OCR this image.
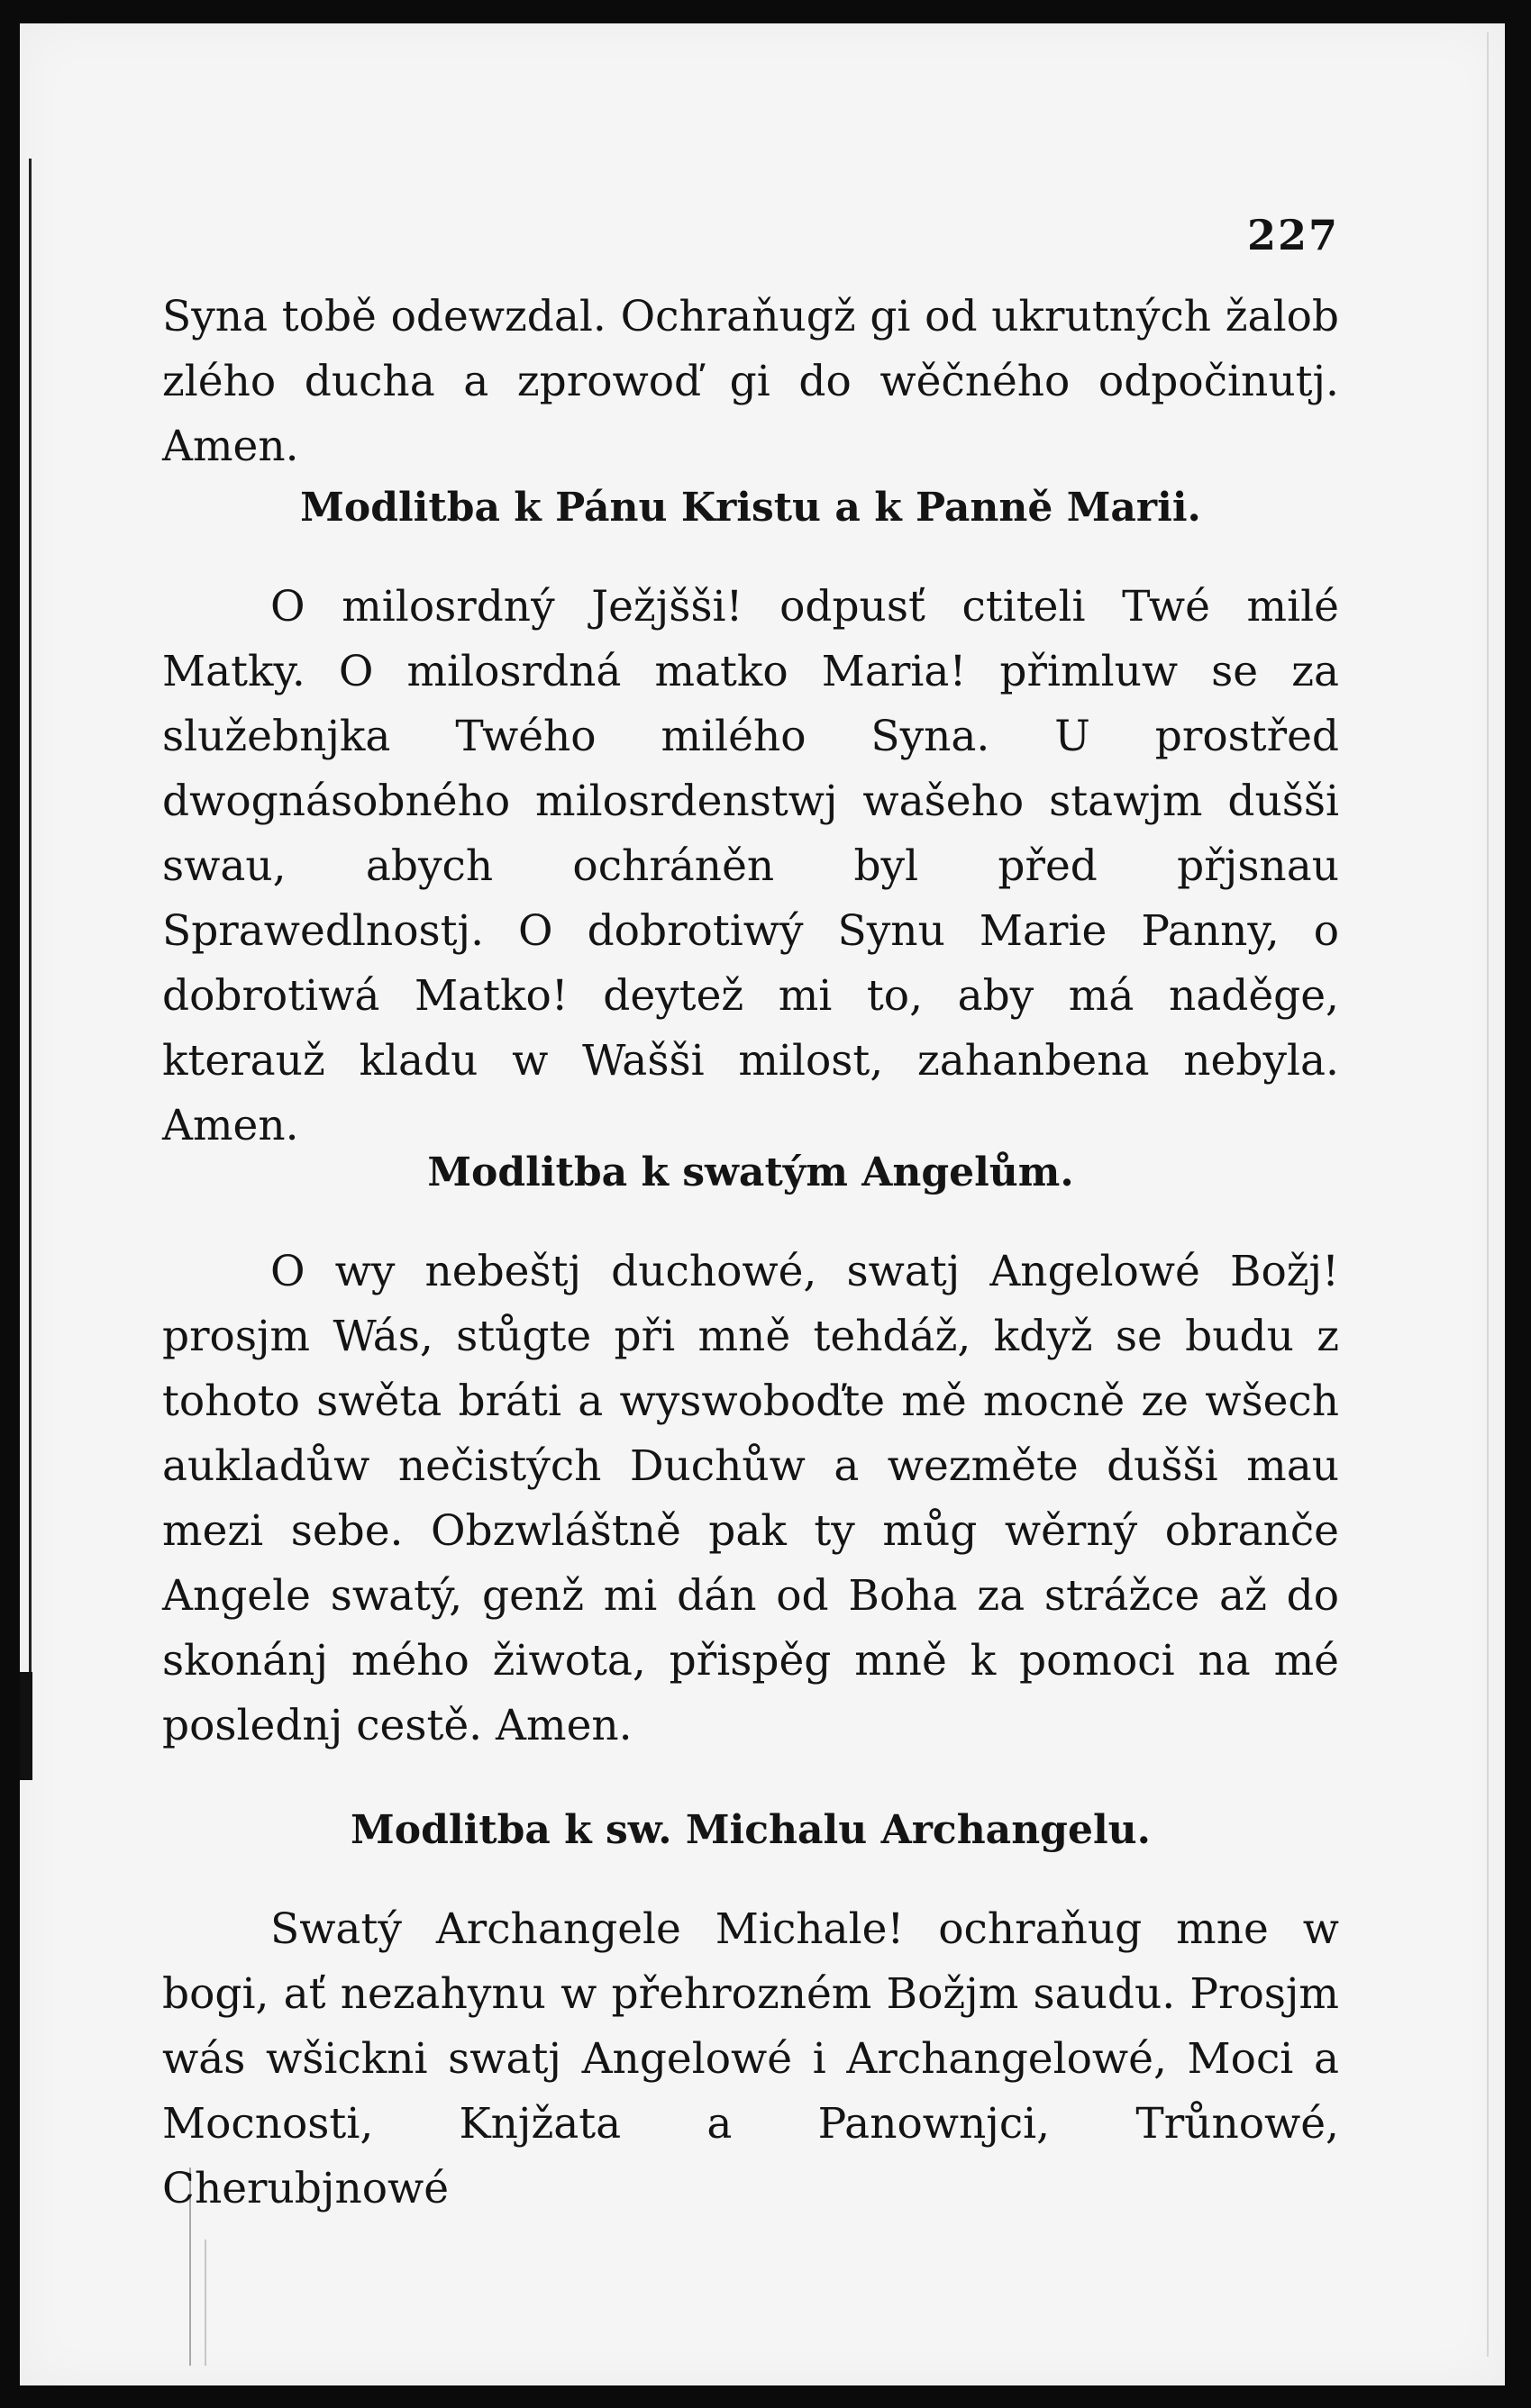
227

Syna tobě odewzdal. Ochraňugž gi od ukrutných žalob zlého ducha a zprowoď gi do wěčného odpočinutj. Amen.

Modlitba k Pánu Kristu a k Panně Marii.

O milosrdný Ježjšši! odpusť ctiteli Twé milé Matky. O milosrdná matko Maria! přimluw se za služebnjka Twého milého Syna. U prostřed dwognásobného milosrdenstwj wašeho stawjm dušši swau, abych ochráněn byl před přjsnau Sprawedlnostj. O dobrotiwý Synu Marie Panny, o dobrotiwá Matko! deytež mi to, aby má naděge, kterauž kladu w Wašši milost, zahanbena nebyla. Amen.

Modlitba k swatým Angelům.

O wy nebeštj duchowé, swatj Angelowé Božj! prosjm Wás, stůgte při mně tehdáž, když se budu z tohoto swěta bráti a wyswoboďte mě mocně ze wšech aukladůw nečistých Duchůw a wezměte dušši mau mezi sebe. Obzwláštně pak ty můg wěrný obranče Angele swatý, genž mi dán od Boha za strážce až do skonánj mého žiwota, přispěg mně k pomoci na mé poslednj cestě. Amen.

Modlitba k sw. Michalu Archangelu.

Swatý Archangele Michale! ochraňug mne w bogi, ať nezahynu w přehrozném Božjm saudu. Prosjm wás wšickni swatj Angelowé i Archangelowé, Moci a Mocnosti, Knjžata a Panownjci, Trůnowé, Cherubjnowé
